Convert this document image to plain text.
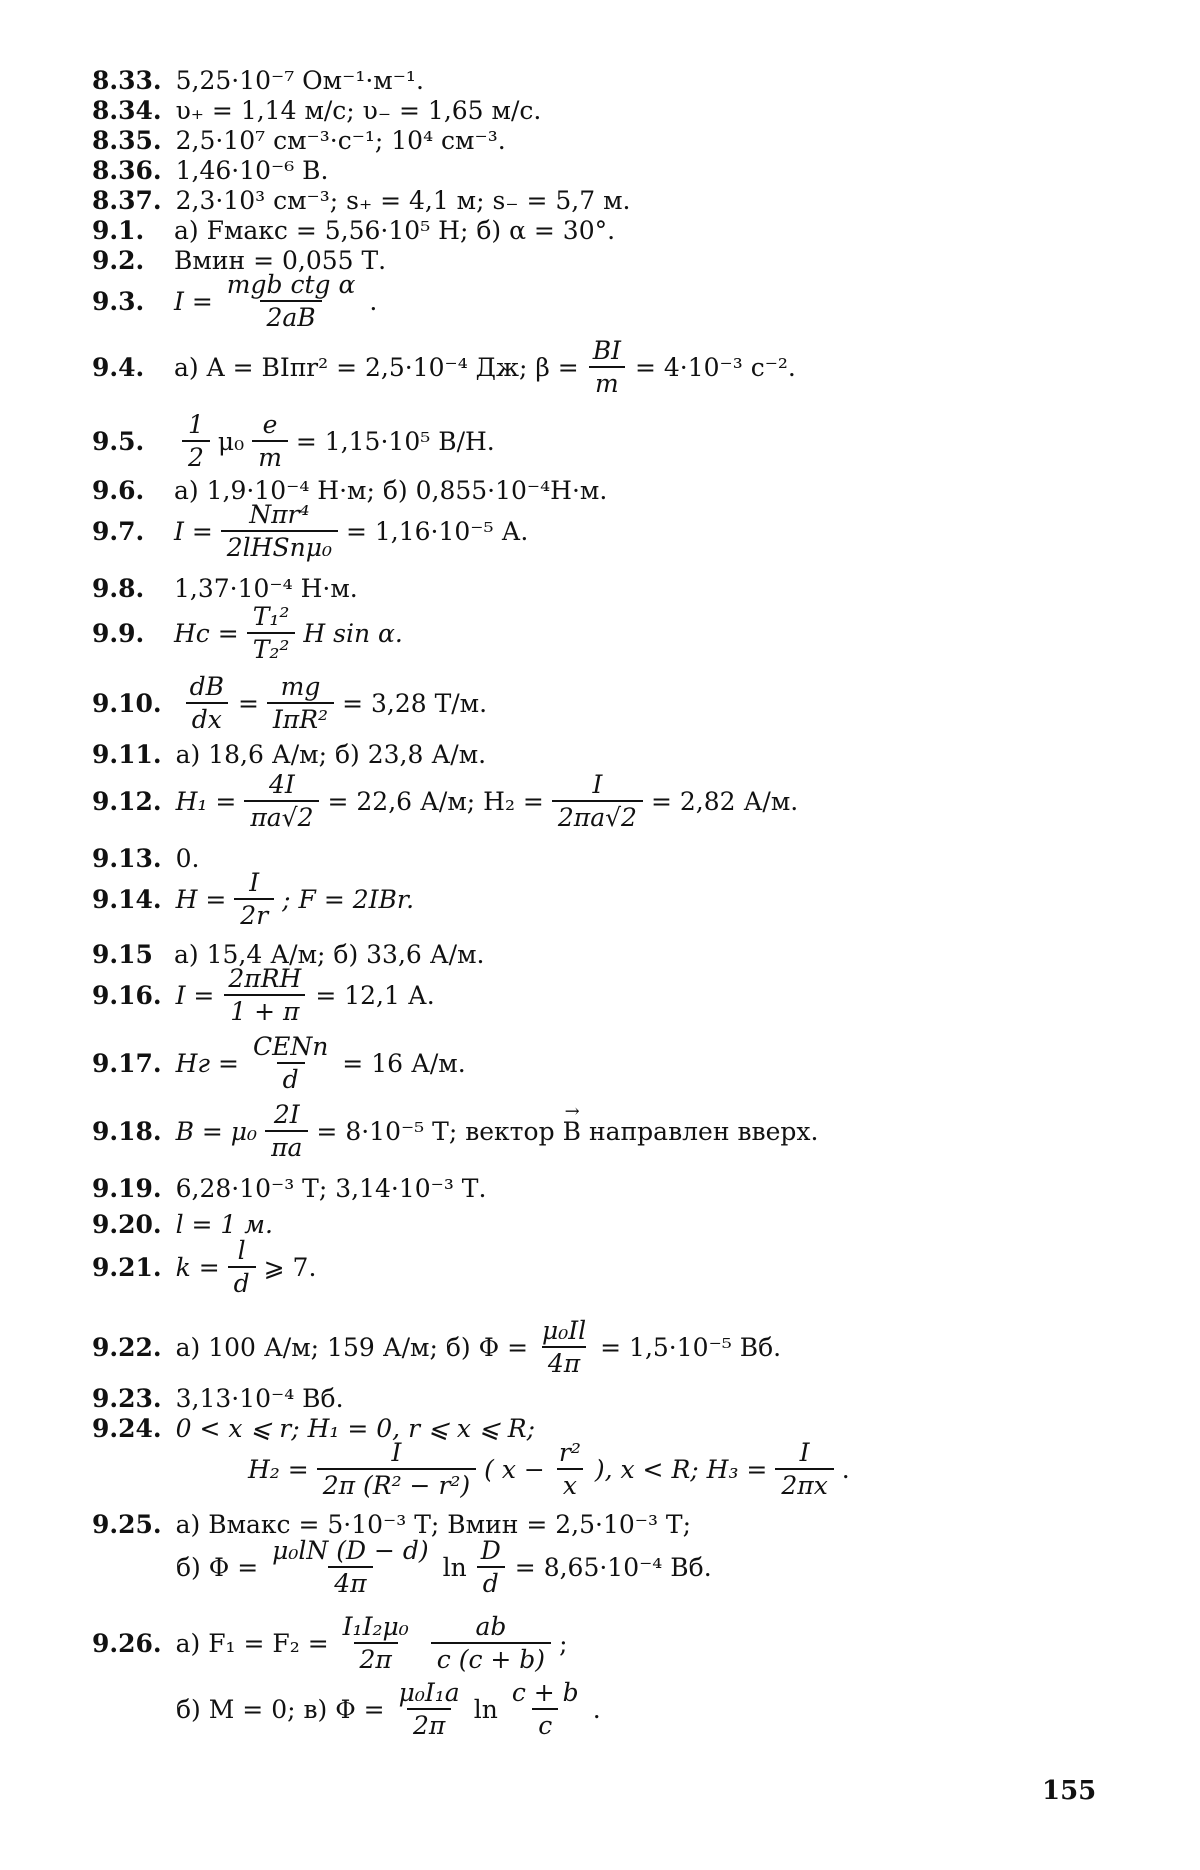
8.33. 5,25·10⁻⁷ Ом⁻¹·м⁻¹.
8.34. υ₊ = 1,14 м/с; υ₋ = 1,65 м/с.
8.35. 2,5·10⁷ см⁻³·с⁻¹; 10⁴ см⁻³.
8.36. 1,46·10⁻⁶ В.
8.37. 2,3·10³ см⁻³; s₊ = 4,1 м; s₋ = 5,7 м.
9.1.	а) Fмакс = 5,56·10⁵ Н; б) α = 30°.
9.2.	Bмин = 0,055 Т.
9.3.	$I = \frac{\text{mgb ctg α}}{2aB}$ .
9.4.	а) A = BIπr² = 2,5·10⁻⁴ Дж; $\beta = \frac{BI}{m} = 4\cdot 10^{-3}$ с⁻².
9.5.	$\frac{1}{2} \mu_0 \frac{e}{m} = 1,15\cdot 10^5$ В/Н.
9.6.	а) 1,9·10⁻⁴ Н·м; б) 0,855·10⁻⁴Н·м.
9.7.	$I = \frac{\text{Nπr⁴}}{\text{2lHSnμ₀}} = 1,16\cdot 10^{-5}$ А.
9.8.	1,37·10⁻⁴ Н·м.
9.9.	$Hc = \frac{\text{T₁²}}{\text{T₂²}}$ H sin α.
9.10. $\frac{dB}{dx} = \frac{mg}{\text{IπR²}} = 3,28$ Т/м.
9.11. а) 18,6 А/м; б) 23,8 А/м.
9.12. $H_1 = \frac{4I}{\pi a√2} = 22,6$ А/м; $H_2 = \frac{I}{2\pi a√2} = 2,82$ А/м.
9.13. 0.
9.14. $H = \frac{I}{2r}$ ; F = 2IBr.
9.15 а) 15,4 А/м; б) 33,6 А/м.
9.16. $I = \frac{\text{2πRH}}{1 + \pi} = 12,1$ А.
9.17. Hг = $\frac{\text{CENn}}{d} = 16$ А/м.
9.18. $B = \mu_0 \frac{2I}{\pi a} = 8\cdot 10^{-5}$ Т; вектор
→ B направлен вверх.
9.19. 6,28·10⁻³ Т; 3,14·10⁻³ Т.
9.20. l = 1 м.
9.21. $k = \frac{l}{d}$ ⩾ 7.
9.22. а) 100 А/м; 159 А/м; б) $\Phi = \frac{\text{μ₀Il}}{4\pi} = 1,5\cdot 10^{-5}$ Вб.
9.23. 3,13·10⁻⁴ Вб.
9.24. 0 < x ⩽ r; H₁ = 0, r ⩽ x ⩽ R;
$H_2 = \frac{I}{\text{2π (R² − r²)}}$ ( $x - \frac{\text{r²}}{x}$ ), x < R; $H_3 = \frac{I}{2\pi x}$ .
9.25. а) Bмакс = 5·10⁻³ Т; Bмин = 2,5·10⁻³ Т;
б) $\Phi = \frac{\text{μ₀lN (D − d)}}{4\pi}$ $\ln \frac{D}{d} = 8,65\cdot 10^{-4}$ Вб.
9.26. а) $F_1 = F_2 = \frac{\text{I₁I₂μ₀}}{2\pi} \frac{ab}{c (c + b)}$ ;
б) M = 0; в) $\Phi = \frac{\text{μ₀I₁a}}{2\pi}$ $\ln \frac{c + b}{c}$ .
155
